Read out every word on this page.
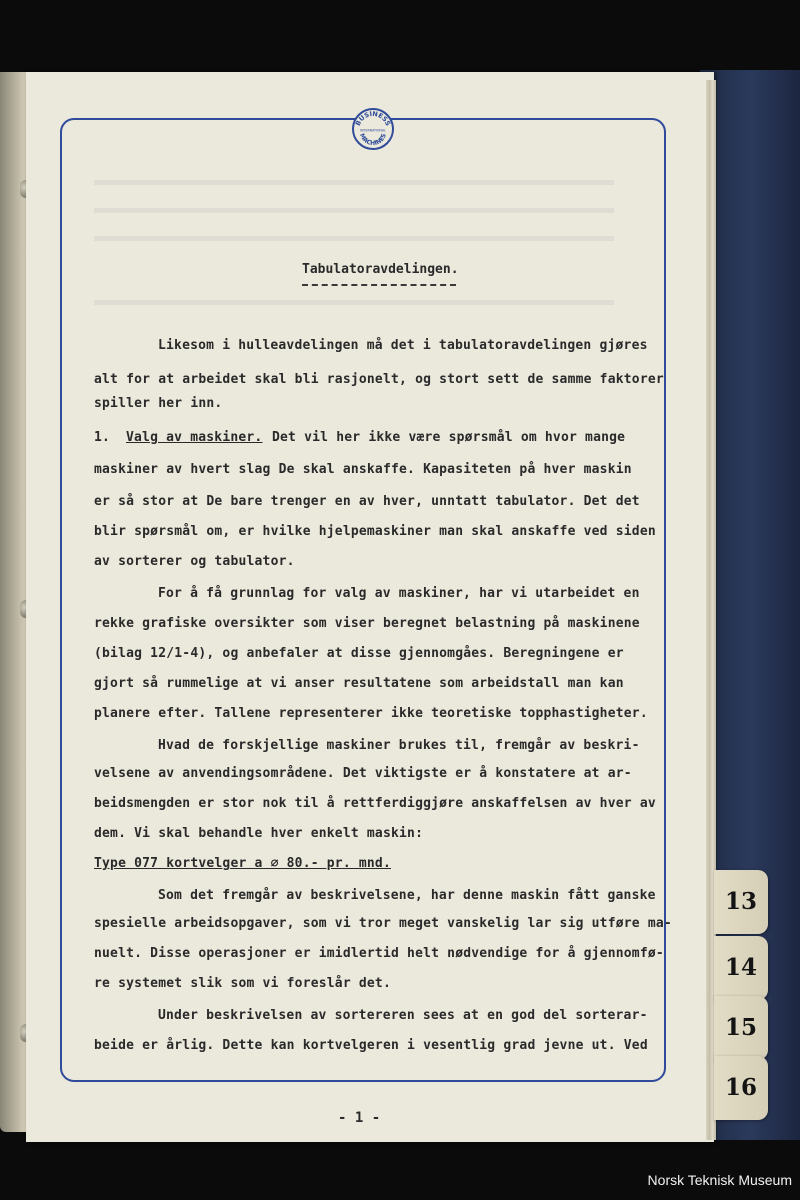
13
14
15
16
BUSINESS
INTERNATIONAL
MACHINES
Tabulatoravdelingen.
Likesom i hulleavdelingen må det i tabulatoravdelingen gjøres
alt for at arbeidet skal bli rasjonelt, og stort sett de samme faktorer
spiller her inn.
1. Valg av maskiner. Det vil her ikke være spørsmål om hvor mange
maskiner av hvert slag De skal anskaffe. Kapasiteten på hver maskin
er så stor at De bare trenger en av hver, unntatt tabulator. Det det
blir spørsmål om, er hvilke hjelpemaskiner man skal anskaffe ved siden
av sorterer og tabulator.
For å få grunnlag for valg av maskiner, har vi utarbeidet en
rekke grafiske oversikter som viser beregnet belastning på maskinene
(bilag 12/1-4), og anbefaler at disse gjennomgåes. Beregningene er
gjort så rummelige at vi anser resultatene som arbeidstall man kan
planere efter. Tallene representerer ikke teoretiske topphastigheter.
Hvad de forskjellige maskiner brukes til, fremgår av beskri-
velsene av anvendingsområdene. Det viktigste er å konstatere at ar-
beidsmengden er stor nok til å rettferdiggjøre anskaffelsen av hver av
dem. Vi skal behandle hver enkelt maskin:
Type 077 kortvelger a ∅ 80.- pr. mnd.
Som det fremgår av beskrivelsene, har denne maskin fått ganske
spesielle arbeidsopgaver, som vi tror meget vanskelig lar sig utføre ma-
nuelt. Disse operasjoner er imidlertid helt nødvendige for å gjennomfø-
re systemet slik som vi foreslår det.
Under beskrivelsen av sortereren sees at en god del sorterar-
beide er årlig. Dette kan kortvelgeren i vesentlig grad jevne ut. Ved
- 1 -
Norsk Teknisk Museum
